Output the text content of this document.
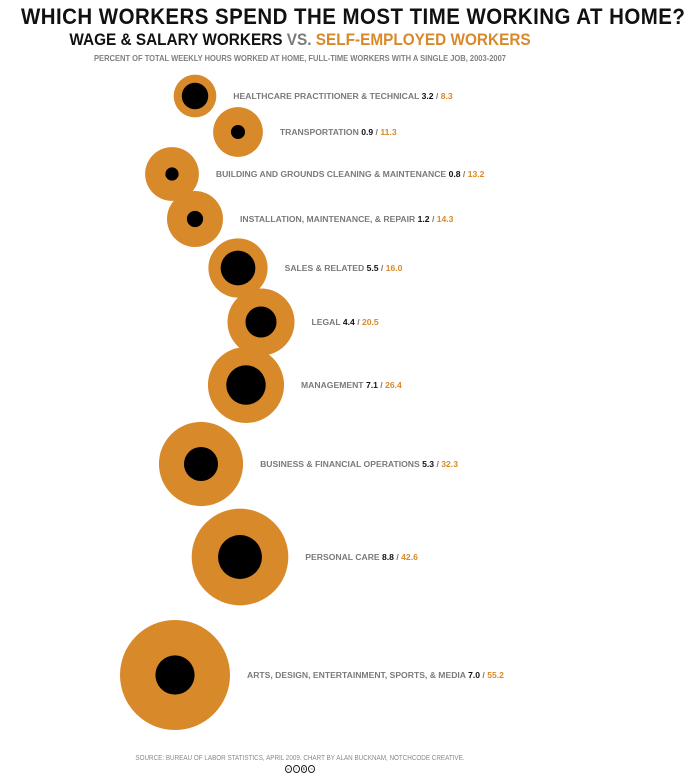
WHICH WORKERS SPEND THE MOST TIME WORKING AT HOME?
WAGE & SALARY WORKERS VS. SELF-EMPLOYED WORKERS
PERCENT OF TOTAL WEEKLY HOURS WORKED AT HOME, FULL-TIME WORKERS WITH A SINGLE JOB, 2003-2007
HEALTHCARE PRACTITIONER & TECHNICAL 3.2 / 8.3
TRANSPORTATION 0.9 / 11.3
BUILDING AND GROUNDS CLEANING & MAINTENANCE 0.8 / 13.2
INSTALLATION, MAINTENANCE, & REPAIR 1.2 / 14.3
SALES & RELATED 5.5 / 16.0
LEGAL 4.4 / 20.5
MANAGEMENT 7.1 / 26.4
BUSINESS & FINANCIAL OPERATIONS 5.3 / 32.3
PERSONAL CARE 8.8 / 42.6
ARTS, DESIGN, ENTERTAINMENT, SPORTS, & MEDIA 7.0 / 55.2
SOURCE: BUREAU OF LABOR STATISTICS, APRIL 2009. CHART BY ALAN BUCKNAM, NOTCHCODE CREATIVE.
c	i	$	=
